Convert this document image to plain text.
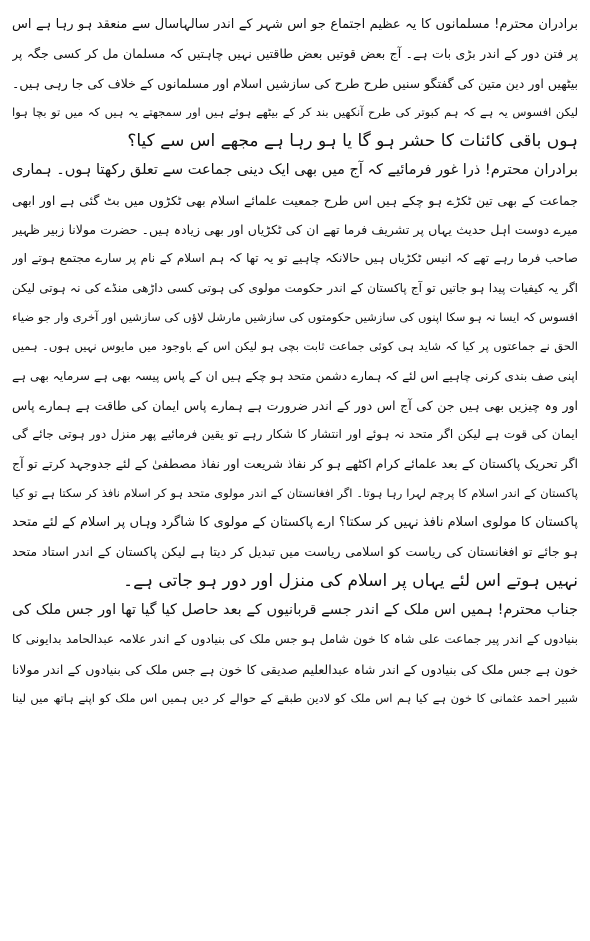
برادران محترم! مسلمانوں کا یہ عظیم اجتماع جو اس شہر کے اندر سالہاسال سے منعقد ہو رہا ہے اس
پر فتن دور کے اندر بڑی بات ہے۔ آج بعض قوتیں بعض طاقتیں نہیں چاہتیں کہ مسلمان مل کر کسی جگہ پر
بیٹھیں اور دین متین کی گفتگو سنیں طرح طرح کی سازشیں اسلام اور مسلمانوں کے خلاف کی جا رہی ہیں۔
لیکن افسوس یہ ہے کہ ہم کبوتر کی طرح آنکھیں بند کر کے بیٹھے ہوئے ہیں اور سمجھتے یہ ہیں کہ میں تو بچا ہوا
ہوں باقی کائنات کا حشر ہو گا یا ہو رہا ہے مجھے اس سے کیا؟
برادران محترم! ذرا غور فرمائیے کہ آج میں بھی ایک دینی جماعت سے تعلق رکھتا ہوں۔ ہماری
جماعت کے بھی تین ٹکڑے ہو چکے ہیں اس طرح جمعیت علمائے اسلام بھی ٹکڑوں میں بٹ گئی ہے اور ابھی
میرے دوست اہل حدیث یہاں پر تشریف فرما تھے ان کی ٹکڑیاں اور بھی زیادہ ہیں۔ حضرت مولانا زبیر ظہیر
صاحب فرما رہے تھے کہ انیس ٹکڑیاں ہیں حالانکہ چاہیے تو یہ تھا کہ ہم اسلام کے نام پر سارے مجتمع ہوتے اور
اگر یہ کیفیات پیدا ہو جاتیں تو آج پاکستان کے اندر حکومت مولوی کی ہوتی کسی داڑھی منڈے کی نہ ہوتی لیکن
افسوس کہ ایسا نہ ہو سکا اپنوں کی سازشیں حکومتوں کی سازشیں مارشل لاؤں کی سازشیں اور آخری وار جو ضیاء
الحق نے جماعتوں پر کیا کہ شاید ہی کوئی جماعت ثابت بچی ہو لیکن اس کے باوجود میں مایوس نہیں ہوں۔ ہمیں
اپنی صف بندی کرنی چاہیے اس لئے کہ ہمارے دشمن متحد ہو چکے ہیں ان کے پاس پیسہ بھی ہے سرمایہ بھی ہے
اور وہ چیزیں بھی ہیں جن کی آج اس دور کے اندر ضرورت ہے ہمارے پاس ایمان کی طاقت ہے ہمارے پاس
ایمان کی قوت ہے لیکن اگر متحد نہ ہوئے اور انتشار کا شکار رہے تو یقین فرمائیے پھر منزل دور ہوتی جائے گی
اگر تحریک پاکستان کے بعد علمائے کرام اکٹھے ہو کر نفاذ شریعت اور نفاذ مصطفیٰ کے لئے جدوجہد کرتے تو آج
پاکستان کے اندر اسلام کا پرچم لہرا رہا ہوتا۔ اگر افغانستان کے اندر مولوی متحد ہو کر اسلام نافذ کر سکتا ہے تو کیا
پاکستان کا مولوی اسلام نافذ نہیں کر سکتا؟ ارے پاکستان کے مولوی کا شاگرد وہاں پر اسلام کے لئے متحد
ہو جائے تو افغانستان کی ریاست کو اسلامی ریاست میں تبدیل کر دیتا ہے لیکن پاکستان کے اندر استاد متحد
نہیں ہوتے اس لئے یہاں پر اسلام کی منزل اور دور ہو جاتی ہے۔
جناب محترم! ہمیں اس ملک کے اندر جسے قربانیوں کے بعد حاصل کیا گیا تھا اور جس ملک کی
بنیادوں کے اندر پیر جماعت علی شاہ کا خون شامل ہو جس ملک کی بنیادوں کے اندر علامہ عبدالحامد بدایونی کا
خون ہے جس ملک کی بنیادوں کے اندر شاہ عبدالعلیم صدیقی کا خون ہے جس ملک کی بنیادوں کے اندر مولانا
شبیر احمد عثمانی کا خون ہے کیا ہم اس ملک کو لادین طبقے کے حوالے کر دیں ہمیں اس ملک کو اپنے ہاتھ میں لینا
